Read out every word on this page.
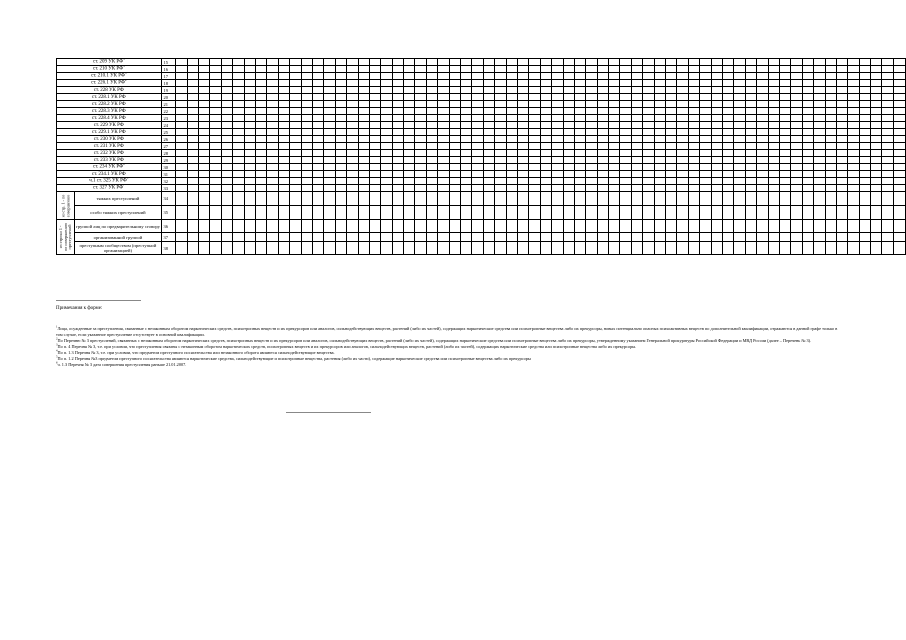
ст. 209 УК $РФ^3$	15																																																																
ст. 210 УК $РФ^3$	16																																																																
ст. 210.1 УК $РФ^3$	17																																																																
ст. 226.1 УК $РФ^4$	18																																																																
ст. 228 УК РФ	19																																																																
ст. 228.1 УК РФ	20																																																																
ст. 228.2 УК РФ	21																																																																
ст. 228.3 УК РФ	22																																																																
ст. 228.4 УК РФ	23																																																																
ст. 229 УК РФ	24																																																																
ст. 229.1 УК РФ	25																																																																
ст. 230 УК РФ	26																																																																
ст. 231 УК РФ	27																																																																
ст. 232 УК РФ	28																																																																
ст. 233 УК РФ	29																																																																
ст. 234 УК $РФ^6$	30																																																																
ст. 234.1 УК РФ	31																																																																
ч.1 ст. 325 УК $РФ^5$	32																																																																
ст. 327 УК $РФ^7$	33																																																																

из стр. 1 - по совершению	тяжких преступлений	34																																																																
особо тяжких преступлений	35																																																																

из строки 1 - по совершению преступлений	группой лиц по предварительному сговору	36																																																																
организованной группой	37																																																																
преступным сообществом (преступной организацией)	38																																																																
Примечания к форме:

$^1$Лица, осужденные за преступления, связанные с незаконным оборотом наркотических средств, психотропных веществ и их прекурсоров или аналогов, сильнодействующих веществ, растений (либо их частей), содержащих наркотические средства или психотропные вещества либо их прекурсоры, новых потенциально опасных психоактивных веществ по дополнительной квалификации, отражаются в данной графе только в том случае, если указанное преступление отсутствует в основной квалификации.

$^2$По Перечню № 3 преступлений, связанных с незаконным оборотом наркотических средств, психотропных веществ и их прекурсоров или аналогов, сильнодействующих веществ, растений (либо их частей), содержащих наркотические средства или психотропные вещества либо их прекурсоры, утвержденному указанием Генеральной прокуратуры Российской Федерации и МВД России (далее – Перечень № 3).

$^3$По п. 4 Перечня № 3, т.е. при условии, что преступления связаны с незаконным оборотом наркотических средств, психотропных веществ и их прекурсоров или аналогов, сильнодействующих веществ, растений (либо их частей), содержащих наркотические средства или психотропные вещества либо их прекурсоры.

$^4$По п. 1.3 Перечня № 3, т.е. при условии, что предметом преступного посягательства или незаконного оборота являются сильнодействующие вещества.

$^5$По п. 1.2 Перечня №3 предметом преступного посягательства являются наркотические средства, сильнодействующие и психотропные вещества, растения (либо их части), содержащие наркотические средства или психотропные вещества либо их прекурсоры

$^6$ч. 1.3 Перечня № 3 дата совершения преступления раньше 21.01.2007.
